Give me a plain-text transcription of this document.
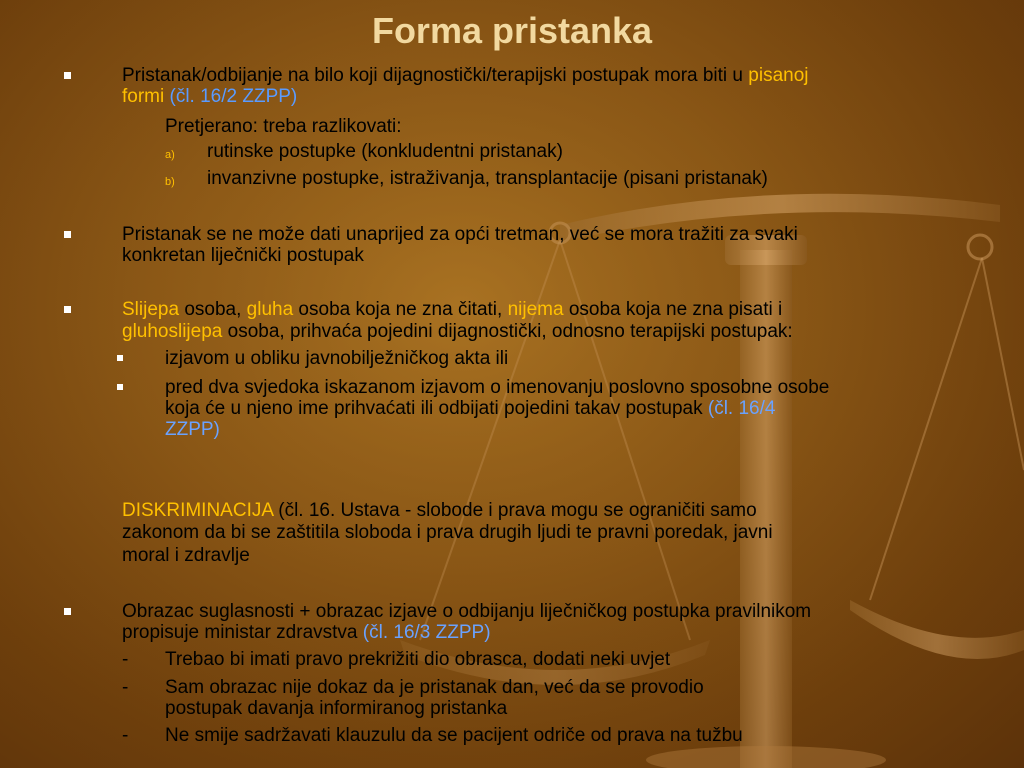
Forma pristanka
Pristanak/odbijanje na bilo koji dijagnostički/terapijski postupak mora biti u pisanoj
formi (čl. 16/2 ZZPP)
Pretjerano: treba razlikovati:
a) rutinske postupke (konkludentni pristanak)
b) invanzivne postupke, istraživanja, transplantacije (pisani pristanak)
Pristanak se ne može dati unaprijed za opći tretman, već se mora tražiti za svaki
konkretan liječnički postupak
Slijepa osoba, gluha osoba koja ne zna čitati, nijema osoba koja ne zna pisati i
gluhoslijepa osoba, prihvaća pojedini dijagnostički, odnosno terapijski postupak:
izjavom u obliku javnobilježničkog akta ili
pred dva svjedoka iskazanom izjavom o imenovanju poslovno sposobne osobe
koja će u njeno ime prihvaćati ili odbijati pojedini takav postupak (čl. 16/4
ZZPP)
DISKRIMINACIJA (čl. 16. Ustava - slobode i prava mogu se ograničiti samo
zakonom da bi se zaštitila sloboda i prava drugih ljudi te pravni poredak, javni
moral i zdravlje
Obrazac suglasnosti + obrazac izjave o odbijanju liječničkog postupka pravilnikom
propisuje ministar zdravstva (čl. 16/3 ZZPP)
- Trebao bi imati pravo prekrižiti dio obrasca, dodati neki uvjet
- Sam obrazac nije dokaz da je pristanak dan, već da se provodio
postupak davanja informiranog pristanka
- Ne smije sadržavati klauzulu da se pacijent odriče od prava na tužbu
